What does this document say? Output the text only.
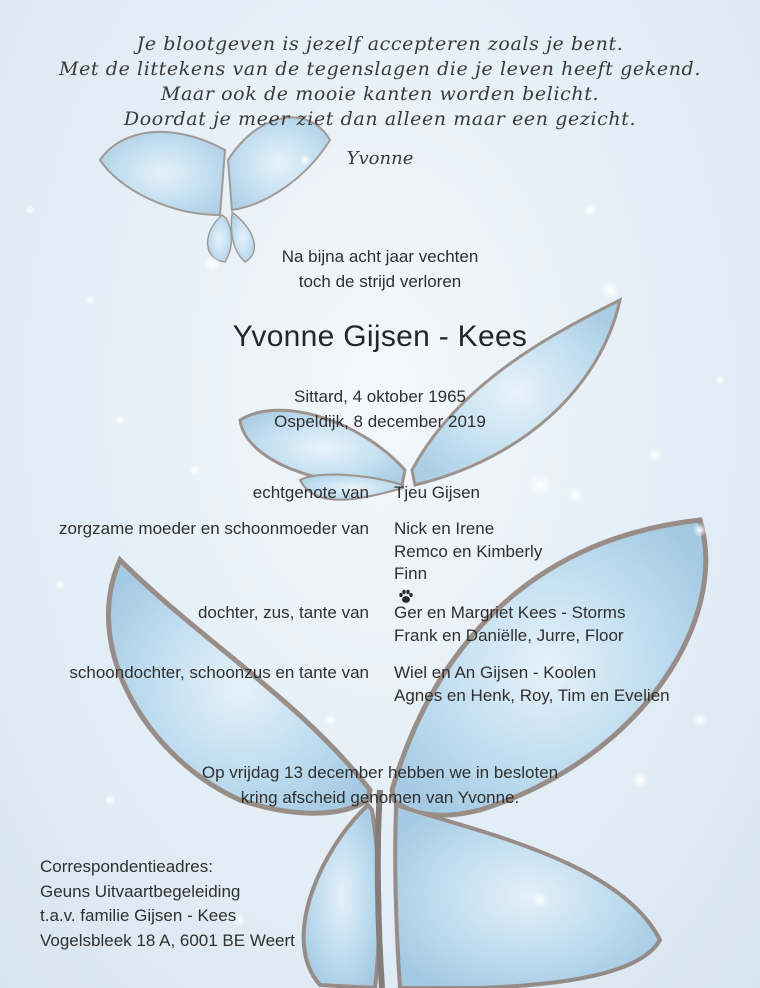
Je blootgeven is jezelf accepteren zoals je bent.
Met de littekens van de tegenslagen die je leven heeft gekend.
Maar ook de mooie kanten worden belicht.
Doordat je meer ziet dan alleen maar een gezicht.
Yvonne
Na bijna acht jaar vechten
toch de strijd verloren
Yvonne Gijsen - Kees
Sittard, 4 oktober 1965
Ospeldijk, 8 december 2019
echtgenote van Tjeu Gijsen
zorgzame moeder en schoonmoeder van Nick en Irene
Remco en Kimberly
Finn
dochter, zus, tante van Ger en Margriet Kees - Storms
Frank en Daniëlle, Jurre, Floor
schoondochter, schoonzus en tante van Wiel en An Gijsen - Koolen
Agnes en Henk, Roy, Tim en Evelien
Op vrijdag 13 december hebben we in besloten
kring afscheid genomen van Yvonne.
Correspondentieadres:
Geuns Uitvaartbegeleiding
t.a.v. familie Gijsen - Kees
Vogelsbleek 18 A, 6001 BE Weert
